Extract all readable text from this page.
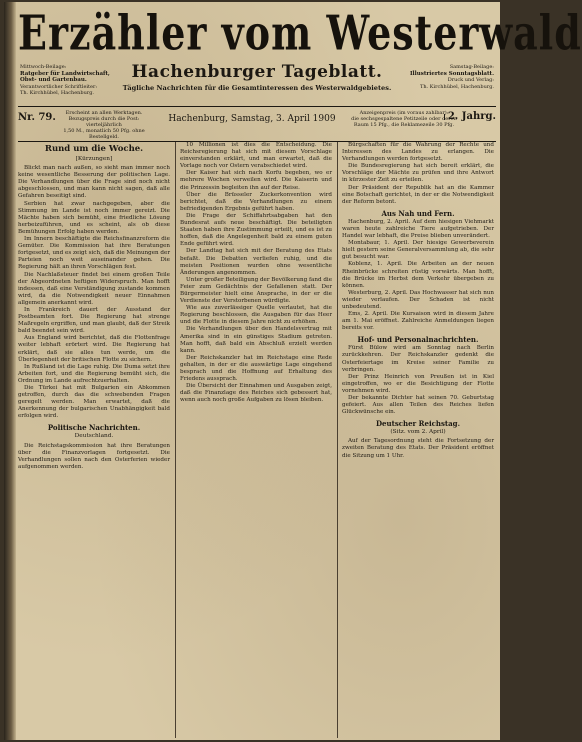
Erzähler vom Westerwald
Mittwoch-Beilage:
Ratgeber für Landwirtschaft, Obst- und Gartenbau.
Verantwortlicher Schriftleiter:
Th. Kirchhübel, Hachenburg.
Hachenburger Tageblatt.
Tägliche Nachrichten für die Gesamtinteressen des Westerwaldgebietes.
Samstag-Beilage:
Illustriertes Sonntagsblatt.
Druck und Verlag:
Th. Kirchhübel, Hachenburg.
Nr. 79.	Erscheint an allen Werktagen.
Bezugspreis durch die Post: vierteljährlich
1,50 M., monatlich 50 Pfg. ohne Bestellgeld.
Hachenburg, Samstag, 3. April 1909
Anzeigenpreis (im voraus zahlbar):
die sechsgespaltene Petitzeile oder deren
Raum 15 Pfg., die Reklamezeile 30 Pfg.
2. Jahrg.
Rund um die Woche.
[Kürzungen]

Blickt man nach außen, so sieht man immer noch keine wesentliche Besserung der politischen Lage. Die Verhandlungen über die Frage sind noch nicht abgeschlossen, und man kann nicht sagen, daß alle Gefahren beseitigt sind.

Serbien hat zwar nachgegeben, aber die Stimmung im Lande ist noch immer gereizt. Die Mächte haben sich bemüht, eine friedliche Lösung herbeizuführen, und es scheint, als ob diese Bemühungen Erfolg haben werden.

Im Innern beschäftigte die Reichsfinanzreform die Gemüter. Die Kommission hat ihre Beratungen fortgesetzt, und es zeigt sich, daß die Meinungen der Parteien noch weit auseinander gehen. Die Regierung hält an ihren Vorschlägen fest.

Die Nachlaßsteuer findet bei einem großen Teile der Abgeordneten heftigen Widerspruch. Man hofft indessen, daß eine Verständigung zustande kommen wird, da die Notwendigkeit neuer Einnahmen allgemein anerkannt wird.

In Frankreich dauert der Ausstand der Postbeamten fort. Die Regierung hat strenge Maßregeln ergriffen, und man glaubt, daß der Streik bald beendet sein wird.

Aus England wird berichtet, daß die Flottenfrage weiter lebhaft erörtert wird. Die Regierung hat erklärt, daß sie alles tun werde, um die Überlegenheit der britischen Flotte zu sichern.

In Rußland ist die Lage ruhig. Die Duma setzt ihre Arbeiten fort, und die Regierung bemüht sich, die Ordnung im Lande aufrechtzuerhalten.

Die Türkei hat mit Bulgarien ein Abkommen getroffen, durch das die schwebenden Fragen geregelt werden. Man erwartet, daß die Anerkennung der bulgarischen Unabhängigkeit bald erfolgen wird.

Politische Nachrichten.
Deutschland.

Die Reichstagskommission hat ihre Beratungen über die Finanzvorlagen fortgesetzt. Die Verhandlungen sollen nach den Osterferien wieder aufgenommen werden.

10 Millionen ist dies die Entscheidung. Die Reichsregierung hat sich mit diesem Vorschlage einverstanden erklärt, und man erwartet, daß die Vorlage noch vor Ostern verabschiedet wird.

Der Kaiser hat sich nach Korfu begeben, wo er mehrere Wochen verweilen wird. Die Kaiserin und die Prinzessin begleiten ihn auf der Reise.

Über die Brüsseler Zuckerkonvention wird berichtet, daß die Verhandlungen zu einem befriedigenden Ergebnis geführt haben.

Die Frage der Schiffahrtsabgaben hat den Bundesrat aufs neue beschäftigt. Die beteiligten Staaten haben ihre Zustimmung erteilt, und es ist zu hoffen, daß die Angelegenheit bald zu einem guten Ende geführt wird.

Der Landtag hat sich mit der Beratung des Etats befaßt. Die Debatten verliefen ruhig, und die meisten Positionen wurden ohne wesentliche Änderungen angenommen.

Unter großer Beteiligung der Bevölkerung fand die Feier zum Gedächtnis der Gefallenen statt. Der Bürgermeister hielt eine Ansprache, in der er die Verdienste der Verstorbenen würdigte.

Wie aus zuverlässiger Quelle verlautet, hat die Regierung beschlossen, die Ausgaben für das Heer und die Flotte in diesem Jahre nicht zu erhöhen.

Die Verhandlungen über den Handelsvertrag mit Amerika sind in ein günstiges Stadium getreten. Man hofft, daß bald ein Abschluß erzielt werden kann.

Der Reichskanzler hat im Reichstage eine Rede gehalten, in der er die auswärtige Lage eingehend besprach und die Hoffnung auf Erhaltung des Friedens aussprach.

Die Übersicht der Einnahmen und Ausgaben zeigt, daß die Finanzlage des Reiches sich gebessert hat, wenn auch noch große Aufgaben zu lösen bleiben.

Bürgschaften für die Wahrung der Rechte und Interessen des Landes zu erlangen. Die Verhandlungen werden fortgesetzt.

Die Bundesregierung hat sich bereit erklärt, die Vorschläge der Mächte zu prüfen und ihre Antwort in kürzester Zeit zu erteilen.

Der Präsident der Republik hat an die Kammer eine Botschaft gerichtet, in der er die Notwendigkeit der Reform betont.

Aus Nah und Fern.

Hachenburg, 2. April. Auf dem hiesigen Viehmarkt waren heute zahlreiche Tiere aufgetrieben. Der Handel war lebhaft, die Preise blieben unverändert.

Montabaur, 1. April. Der hiesige Gewerbeverein hielt gestern seine Generalversammlung ab, die sehr gut besucht war.

Koblenz, 1. April. Die Arbeiten an der neuen Rheinbrücke schreiten rüstig vorwärts. Man hofft, die Brücke im Herbst dem Verkehr übergeben zu können.

Westerburg, 2. April. Das Hochwasser hat sich nun wieder verlaufen. Der Schaden ist nicht unbedeutend.

Ems, 2. April. Die Kursaison wird in diesem Jahre am 1. Mai eröffnet. Zahlreiche Anmeldungen liegen bereits vor.

Hof- und Personalnachrichten.

Fürst Bülow wird am Sonntag nach Berlin zurückkehren. Der Reichskanzler gedenkt die Osterfeiertage im Kreise seiner Familie zu verbringen.

Der Prinz Heinrich von Preußen ist in Kiel eingetroffen, wo er die Besichtigung der Flotte vornehmen wird.

Der bekannte Dichter hat seinen 70. Geburtstag gefeiert. Aus allen Teilen des Reiches liefen Glückwünsche ein.

Deutscher Reichstag.
(Sitz. vom 2. April)

Auf der Tagesordnung steht die Fortsetzung der zweiten Beratung des Etats. Der Präsident eröffnet die Sitzung um 1 Uhr.
